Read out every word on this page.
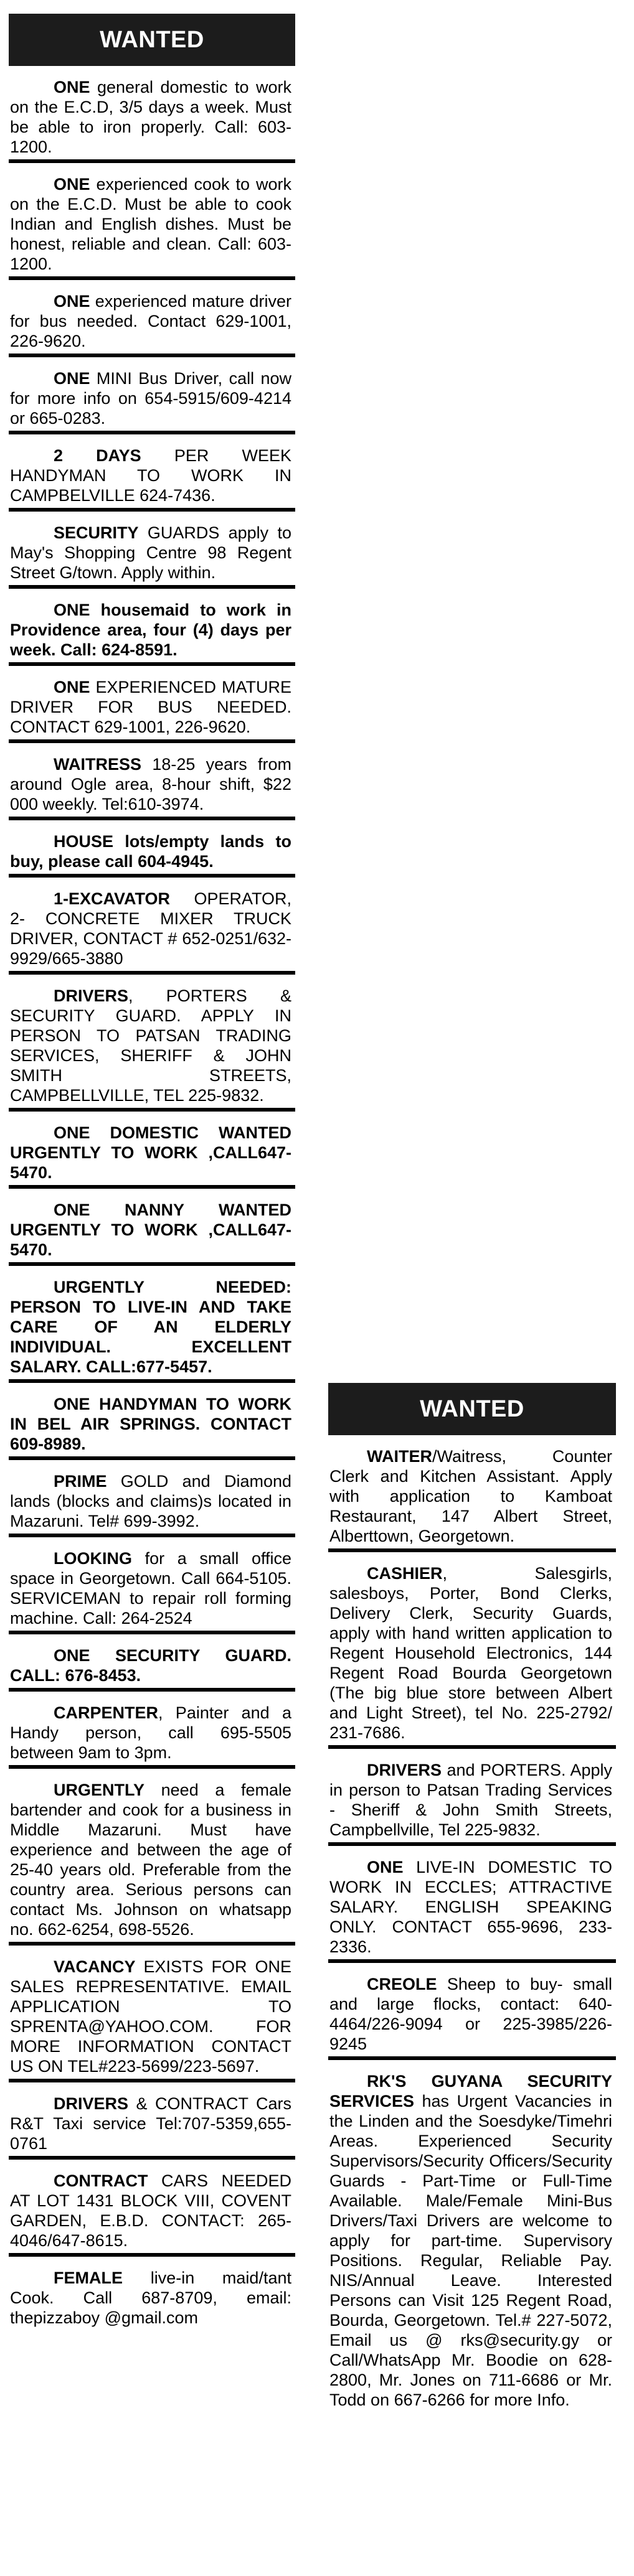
WANTED
ONE general domestic to work on the E.C.D, 3/5 days a week. Must be able to iron properly. Call: 603-1200.
ONE experienced cook to work on the E.C.D. Must be able to cook Indian and English dishes. Must be honest, reliable and clean. Call: 603-1200.
ONE experienced mature driver for bus needed. Contact 629-1001, 226-9620.
ONE MINI Bus Driver, call now for more info on 654-5915/609-4214 or 665-0283.
2 DAYS PER WEEK HANDYMAN TO WORK IN CAMPBELVILLE 624-7436.
SECURITY GUARDS apply to May's Shopping Centre 98 Regent Street G/town. Apply within.
ONE housemaid to work in Providence area, four (4) days per week. Call: 624-8591.
ONE EXPERIENCED MATURE DRIVER FOR BUS NEEDED. CONTACT 629-1001, 226-9620.
WAITRESS 18-25 years from around Ogle area, 8-hour shift, $22 000 weekly. Tel:610-3974.
HOUSE lots/empty lands to buy, please call 604-4945.
1-EXCAVATOR OPERATOR, 2- CONCRETE MIXER TRUCK DRIVER, CONTACT # 652-0251/632-9929/665-3880
DRIVERS, PORTERS & SECURITY GUARD. APPLY IN PERSON TO PATSAN TRADING SERVICES, SHERIFF & JOHN SMITH STREETS, CAMPBELLVILLE, TEL 225-9832.
ONE DOMESTIC WANTED URGENTLY TO WORK ,CALL647-5470.
ONE NANNY WANTED URGENTLY TO WORK ,CALL647-5470.
URGENTLY NEEDED: PERSON TO LIVE-IN AND TAKE CARE OF AN ELDERLY INDIVIDUAL. EXCELLENT SALARY. CALL:677-5457.
ONE HANDYMAN TO WORK IN BEL AIR SPRINGS. CONTACT 609-8989.
PRIME GOLD and Diamond lands (blocks and claims)s located in Mazaruni. Tel# 699-3992.
LOOKING for a small office space in Georgetown. Call 664-5105. SERVICEMAN to repair roll forming machine. Call: 264-2524
ONE SECURITY GUARD. CALL: 676-8453.
CARPENTER, Painter and a Handy person, call 695-5505 between 9am to 3pm.
URGENTLY need a female bartender and cook for a business in Middle Mazaruni. Must have experience and between the age of 25-40 years old. Preferable from the country area. Serious persons can contact Ms. Johnson on whatsapp no. 662-6254, 698-5526.
VACANCY EXISTS FOR ONE SALES REPRESENTATIVE. EMAIL APPLICATION TO SPRENTA@YAHOO.COM. FOR MORE INFORMATION CONTACT US ON TEL#223-5699/223-5697.
DRIVERS & CONTRACT Cars R&T Taxi service Tel:707-5359,655-0761
CONTRACT CARS NEEDED AT LOT 1431 BLOCK VIII, COVENT GARDEN, E.B.D. CONTACT: 265-4046/647-8615.
FEMALE live-in maid/tant Cook. Call 687-8709, email: thepizzaboy @gmail.com
WANTED
WAITER/Waitress, Counter Clerk and Kitchen Assistant. Apply with application to Kamboat Restaurant, 147 Albert Street, Alberttown, Georgetown.
CASHIER, Salesgirls, salesboys, Porter, Bond Clerks, Delivery Clerk, Security Guards, apply with hand written application to Regent Household Electronics, 144 Regent Road Bourda Georgetown (The big blue store between Albert and Light Street), tel No. 225-2792/ 231-7686.
DRIVERS and PORTERS. Apply in person to Patsan Trading Services - Sheriff & John Smith Streets, Campbellville, Tel 225-9832.
ONE LIVE-IN DOMESTIC TO WORK IN ECCLES; ATTRACTIVE SALARY. ENGLISH SPEAKING ONLY. CONTACT 655-9696, 233-2336.
CREOLE Sheep to buy- small and large flocks, contact: 640-4464/226-9094 or 225-3985/226-9245
RK'S GUYANA SECURITY SERVICES has Urgent Vacancies in the Linden and the Soesdyke/Timehri Areas. Experienced Security Supervisors/Security Officers/Security Guards - Part-Time or Full-Time Available. Male/Female Mini-Bus Drivers/Taxi Drivers are welcome to apply for part-time. Supervisory Positions. Regular, Reliable Pay. NIS/Annual Leave. Interested Persons can Visit 125 Regent Road, Bourda, Georgetown. Tel.# 227-5072, Email us @ rks@security.gy or Call/WhatsApp Mr. Boodie on 628-2800, Mr. Jones on 711-6686 or Mr. Todd on 667-6266 for more Info.
